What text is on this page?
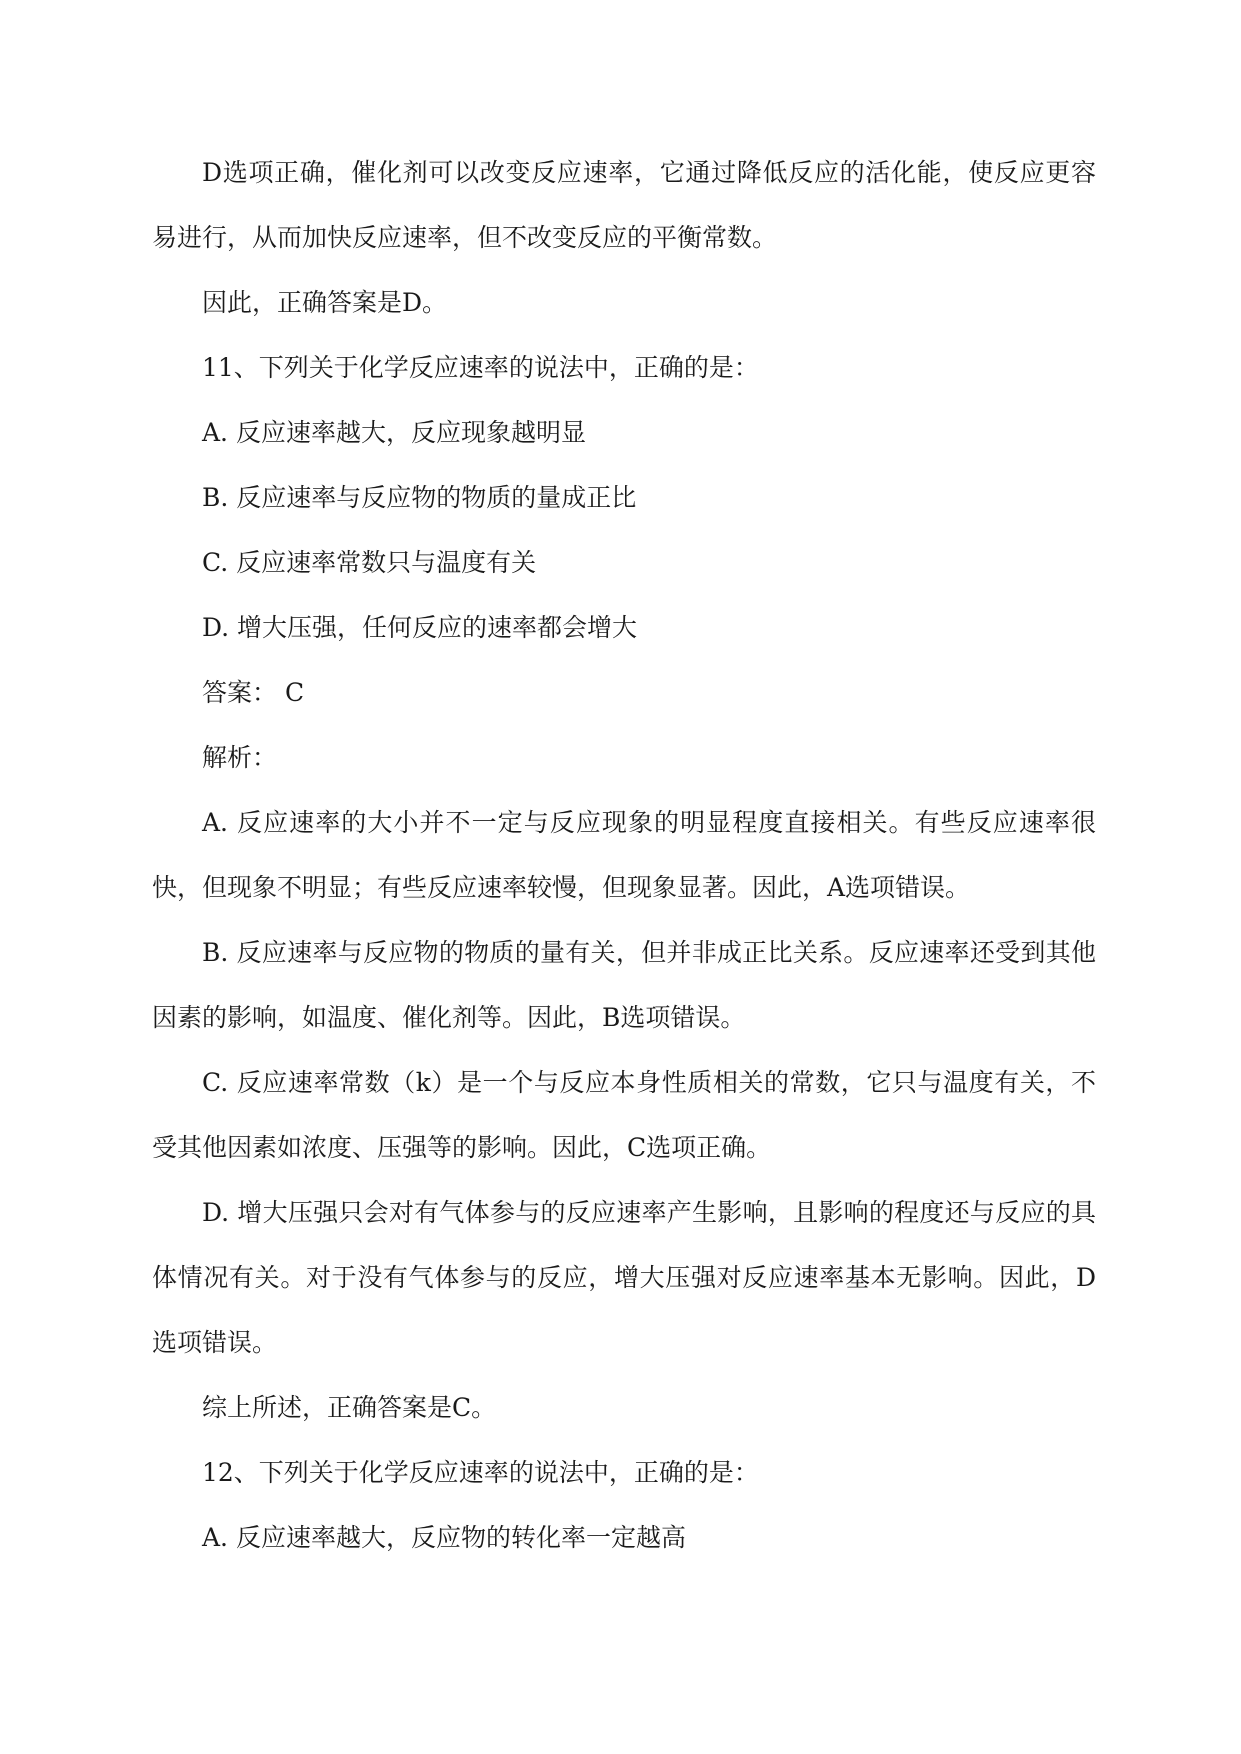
D选项正确，催化剂可以改变反应速率，它通过降低反应的活化能，使反应更容易进行，从而加快反应速率，但不改变反应的平衡常数。

因此，正确答案是D。

11、下列关于化学反应速率的说法中，正确的是：

A. 反应速率越大，反应现象越明显

B. 反应速率与反应物的物质的量成正比

C. 反应速率常数只与温度有关

D. 增大压强，任何反应的速率都会增大

答案： C

解析：

A. 反应速率的大小并不一定与反应现象的明显程度直接相关。有些反应速率很快，但现象不明显；有些反应速率较慢，但现象显著。因此，A选项错误。

B. 反应速率与反应物的物质的量有关，但并非成正比关系。反应速率还受到其他因素的影响，如温度、催化剂等。因此，B选项错误。

C. 反应速率常数（k）是一个与反应本身性质相关的常数，它只与温度有关，不受其他因素如浓度、压强等的影响。因此，C选项正确。

D. 增大压强只会对有气体参与的反应速率产生影响，且影响的程度还与反应的具体情况有关。对于没有气体参与的反应，增大压强对反应速率基本无影响。因此，D选项错误。

综上所述，正确答案是C。

12、下列关于化学反应速率的说法中，正确的是：

A. 反应速率越大，反应物的转化率一定越高
